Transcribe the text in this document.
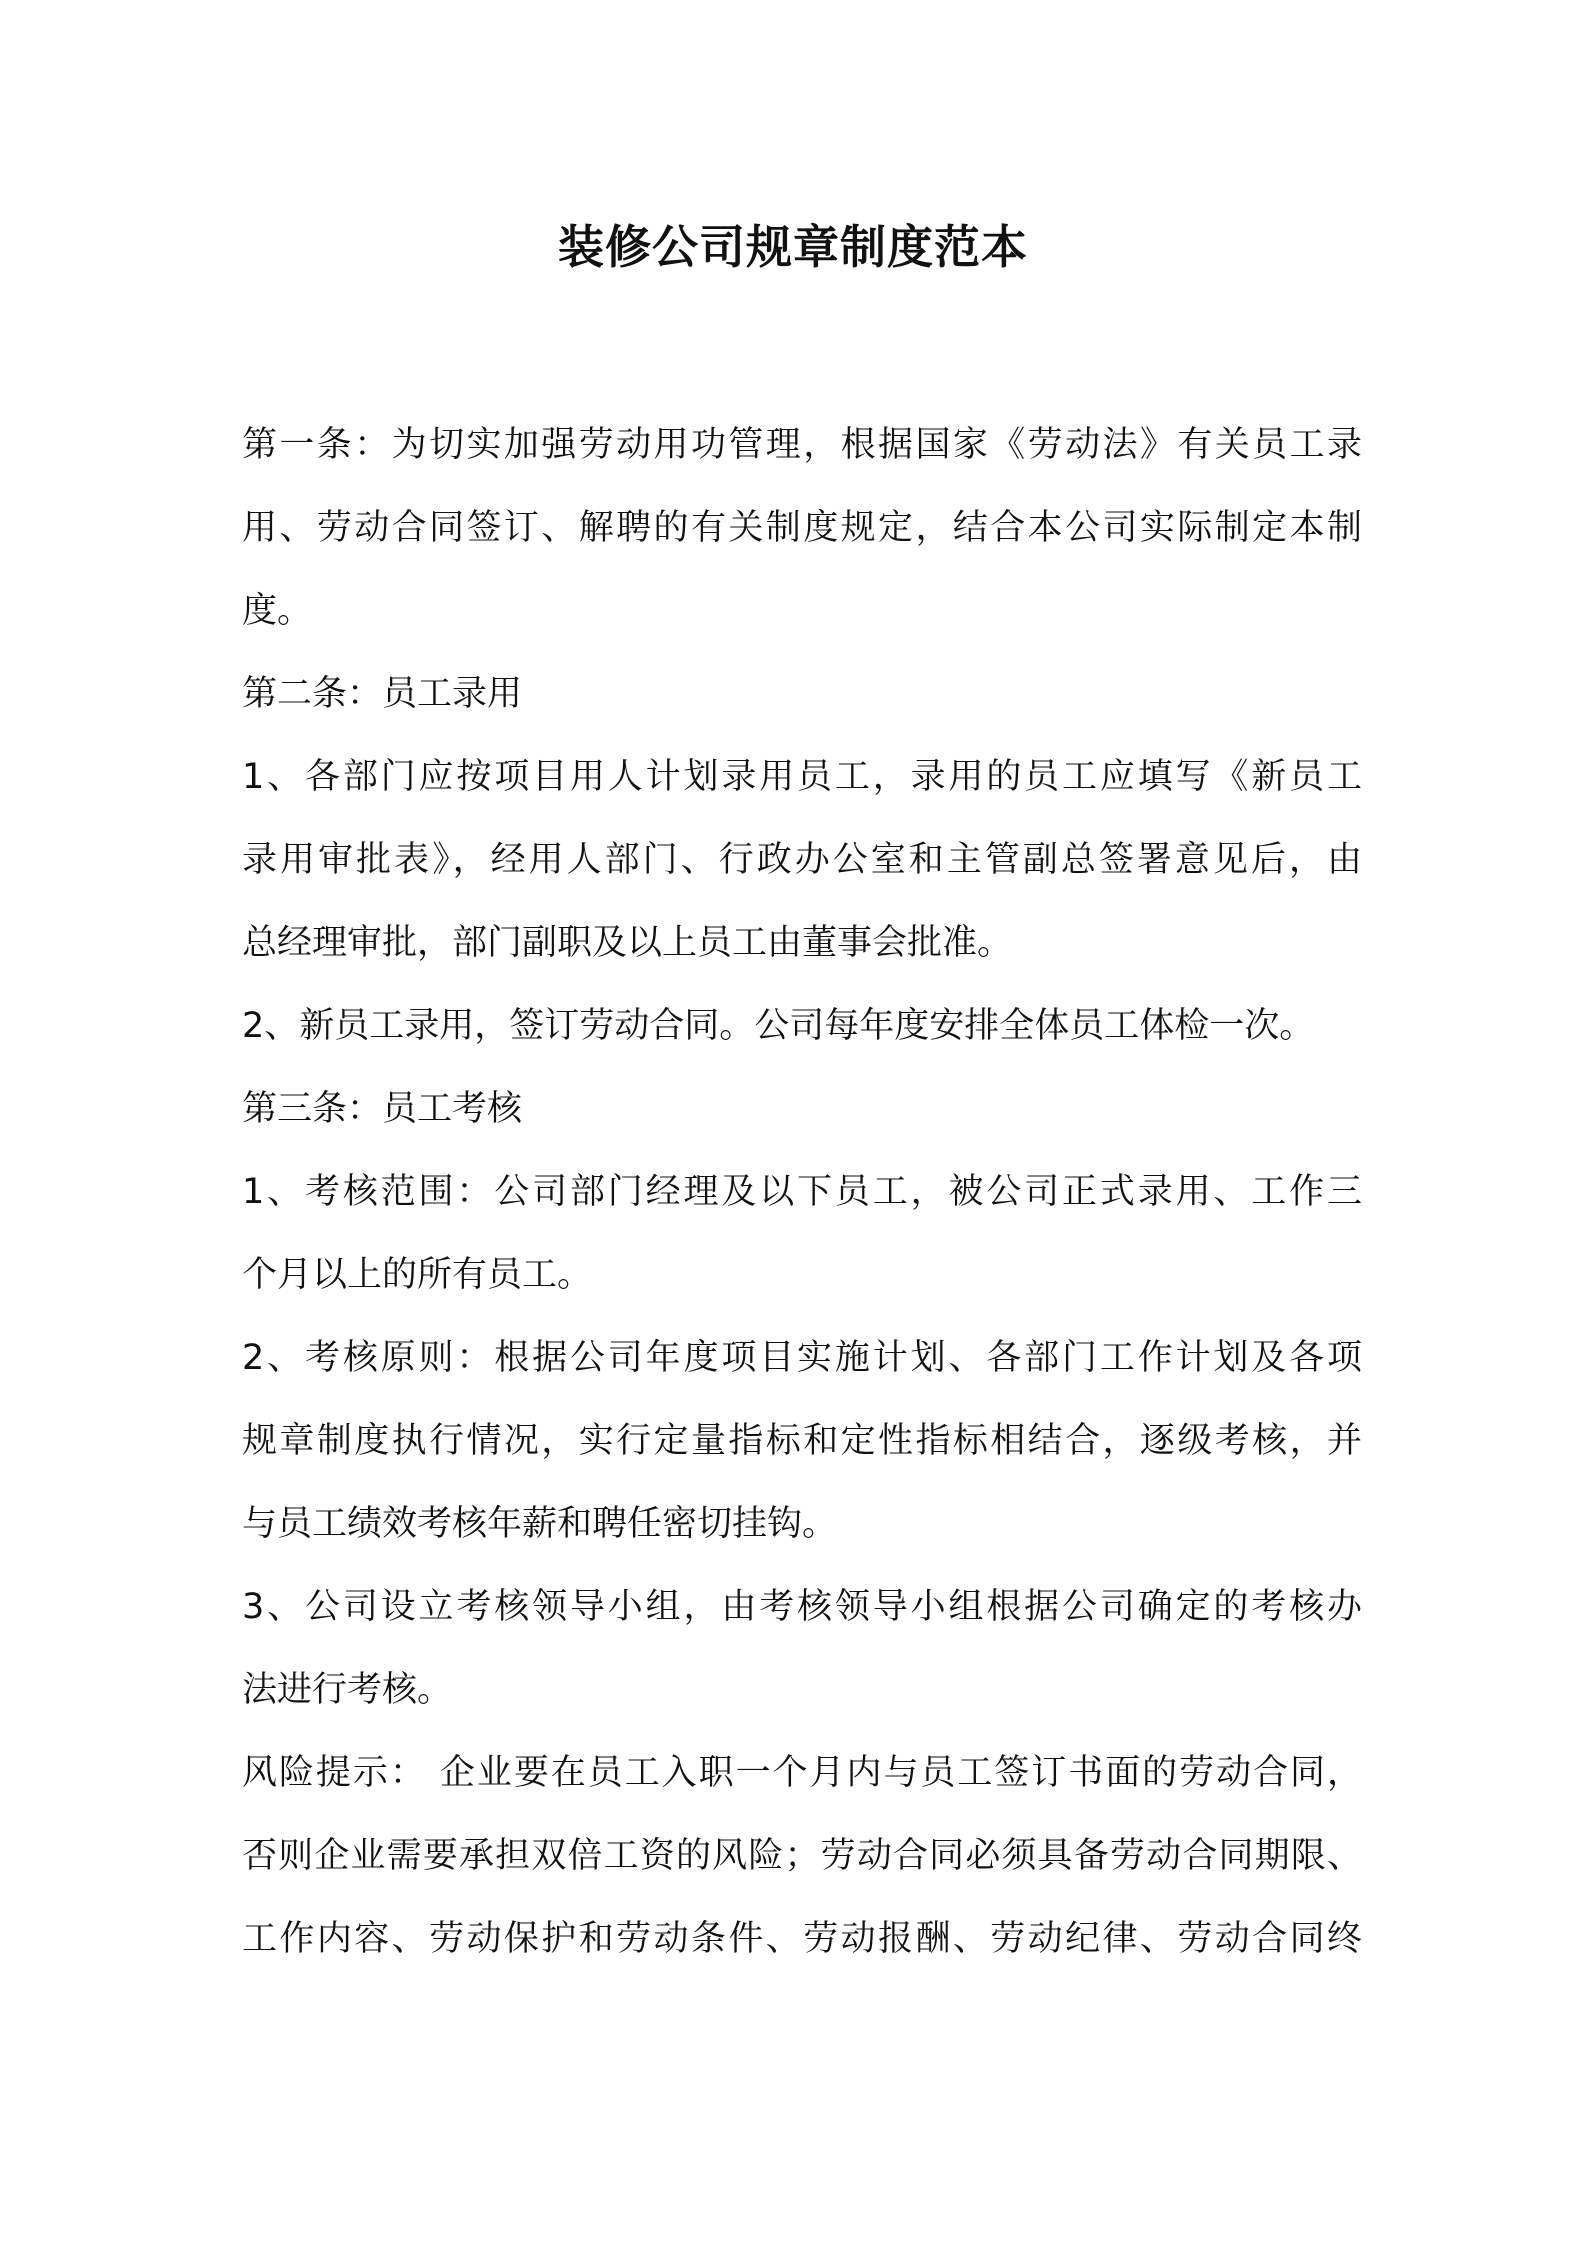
装修公司规章制度范本

第一条：为切实加强劳动用功管理，根据国家《劳动法》有关员工录

用、劳动合同签订、解聘的有关制度规定，结合本公司实际制定本制

度。

第二条：员工录用

1、各部门应按项目用人计划录用员工，录用的员工应填写《新员工

录用审批表》，经用人部门、行政办公室和主管副总签署意见后，由

总经理审批，部门副职及以上员工由董事会批准。

2、新员工录用，签订劳动合同。公司每年度安排全体员工体检一次。

第三条：员工考核

1、考核范围：公司部门经理及以下员工，被公司正式录用、工作三

个月以上的所有员工。

2、考核原则：根据公司年度项目实施计划、各部门工作计划及各项

规章制度执行情况，实行定量指标和定性指标相结合，逐级考核，并

与员工绩效考核年薪和聘任密切挂钩。

3、公司设立考核领导小组，由考核领导小组根据公司确定的考核办

法进行考核。

风险提示： 企业要在员工入职一个月内与员工签订书面的劳动合同，

否则企业需要承担双倍工资的风险；劳动合同必须具备劳动合同期限、

工作内容、劳动保护和劳动条件、劳动报酬、劳动纪律、劳动合同终
